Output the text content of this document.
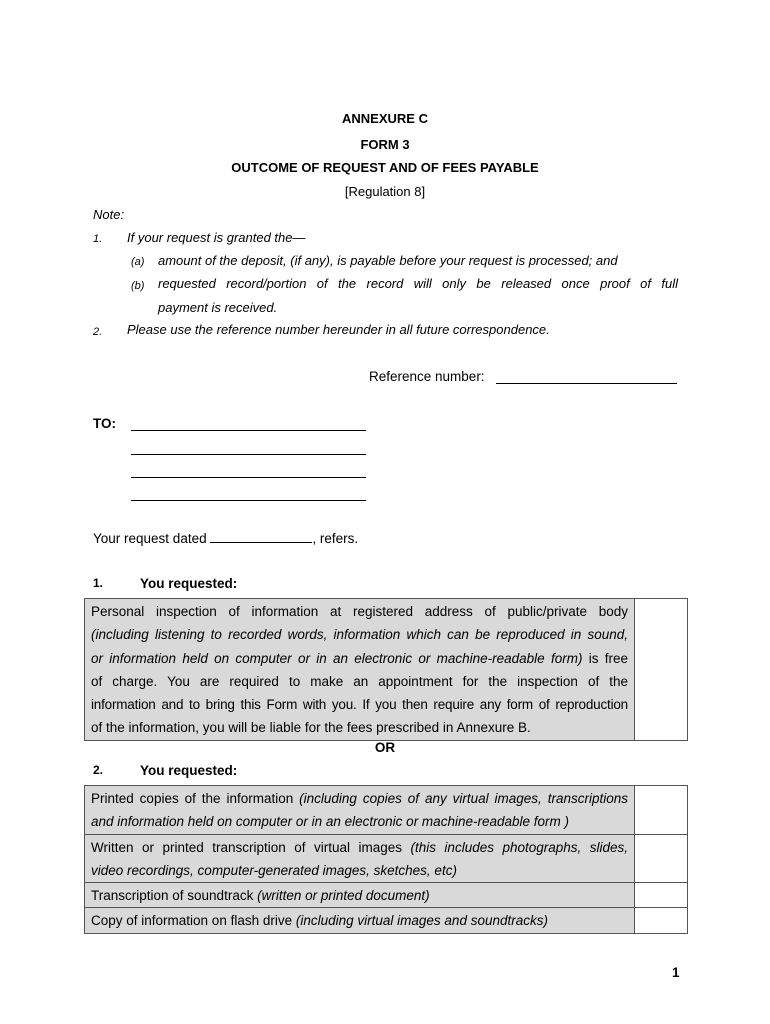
ANNEXURE C
FORM 3
OUTCOME OF REQUEST AND OF FEES PAYABLE
[Regulation 8]
Note:
1. If your request is granted the—
(a) amount of the deposit, (if any), is payable before your request is processed; and
(b) requested record/portion of the record will only be released once proof of full
payment is received.
2. Please use the reference number hereunder in all future correspondence.
Reference number:
TO:
Your request dated	, refers.
1.	You requested:
Personal inspection of information at registered address of public/private body
(including listening to recorded words, information which can be reproduced in sound,
or information held on computer or in an electronic or machine-readable form) is free
of charge. You are required to make an appointment for the inspection of the
information and to bring this Form with you. If you then require any form of reproduction
of the information, you will be liable for the fees prescribed in Annexure B.

OR
2.	You requested:
Printed copies of the information (including copies of any virtual images, transcriptions
and information held on computer or in an electronic or machine-readable form )	

Written or printed transcription of virtual images (this includes photographs, slides,
video recordings, computer-generated images, sketches, etc)	

Transcription of soundtrack (written or printed document)	
Copy of information on flash drive (including virtual images and soundtracks)	
1
